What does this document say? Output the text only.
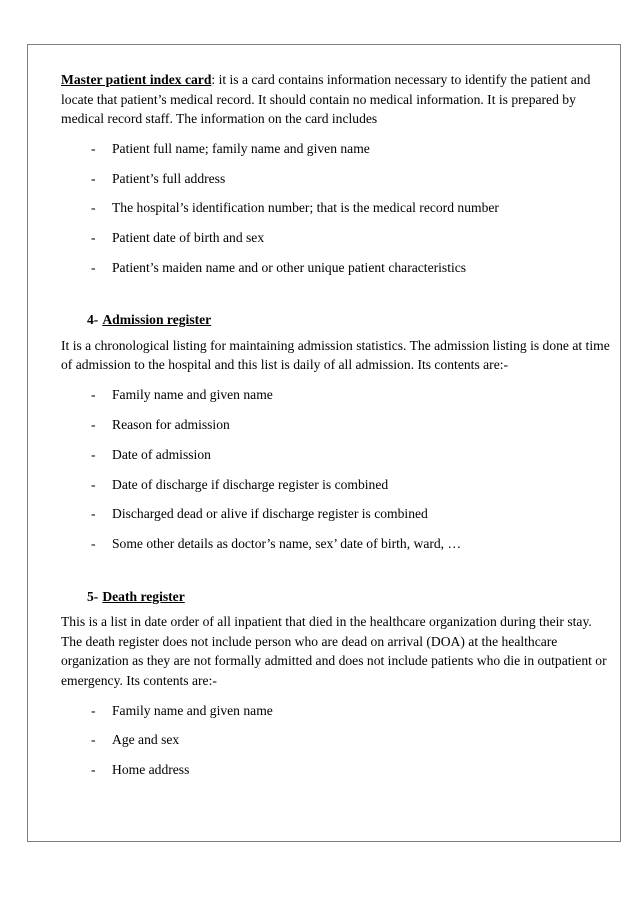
Master patient index card: it is a card contains information necessary to identify the patient and locate that patient’s medical record. It should contain no medical information. It is prepared by medical record staff. The information on the card includes

- Patient full name; family name and given name
- Patient’s full address
- The hospital’s identification number; that is the medical record number
- Patient date of birth and sex
- Patient’s maiden name and or other unique patient characteristics

4- Admission register

It is a chronological listing for maintaining admission statistics. The admission listing is done at time of admission to the hospital and this list is daily of all admission. Its contents are:-

- Family name and given name
- Reason for admission
- Date of admission
- Date of discharge if discharge register is combined
- Discharged dead or alive if discharge register is combined
- Some other details as doctor’s name, sex’ date of birth, ward, …

5- Death register

This is a list in date order of all inpatient that died in the healthcare organization during their stay. The death register does not include person who are dead on arrival (DOA) at the healthcare organization as they are not formally admitted and does not include patients who die in outpatient or emergency. Its contents are:-

- Family name and given name
- Age and sex
- Home address
